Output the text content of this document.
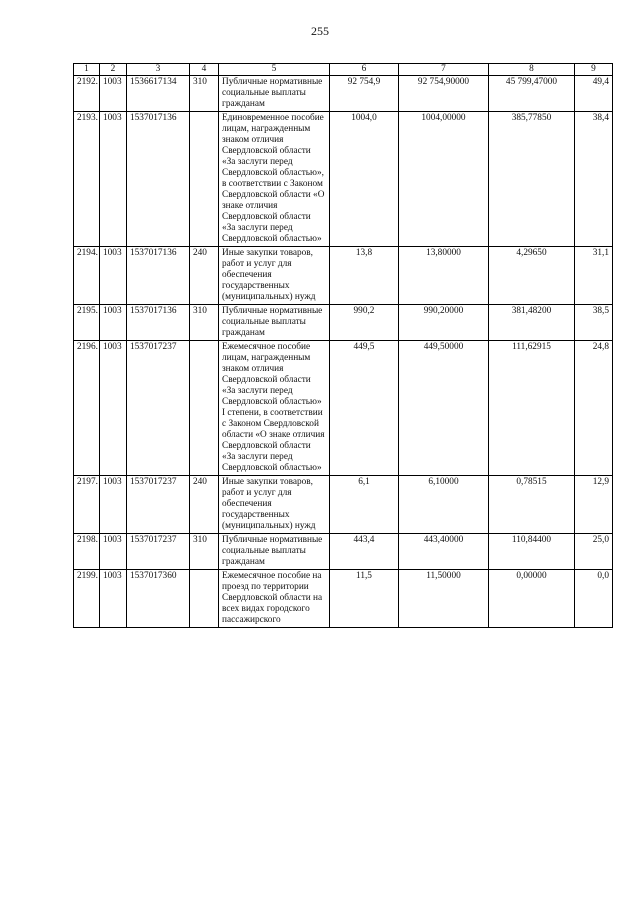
255
1	2	3	4	5	6	7	8	9
2192.	1003	1536617134	310	Публичные нормативные социальные выплаты гражданам	92 754,9	92 754,90000	45 799,47000	49,4
2193.	1003	1537017136		Единовременное пособие лицам, награжденным знаком отличия Свердловской области «За заслуги перед Свердловской областью», в соответствии с Законом Свердловской области «О знаке отличия Свердловской области «За заслуги перед Свердловской областью»	1004,0	1004,00000	385,77850	38,4
2194.	1003	1537017136	240	Иные закупки товаров, работ и услуг для обеспечения государственных (муниципальных) нужд	13,8	13,80000	4,29650	31,1
2195.	1003	1537017136	310	Публичные нормативные социальные выплаты гражданам	990,2	990,20000	381,48200	38,5
2196.	1003	1537017237		Ежемесячное пособие лицам, награжденным знаком отличия Свердловской области «За заслуги перед Свердловской областью» I степени, в соответствии с Законом Свердловской области «О знаке отличия Свердловской области «За заслуги перед Свердловской областью»	449,5	449,50000	111,62915	24,8
2197.	1003	1537017237	240	Иные закупки товаров, работ и услуг для обеспечения государственных (муниципальных) нужд	6,1	6,10000	0,78515	12,9
2198.	1003	1537017237	310	Публичные нормативные социальные выплаты гражданам	443,4	443,40000	110,84400	25,0
2199.	1003	1537017360		Ежемесячное пособие на проезд по территории Свердловской области на всех видах городского пассажирского	11,5	11,50000	0,00000	0,0
